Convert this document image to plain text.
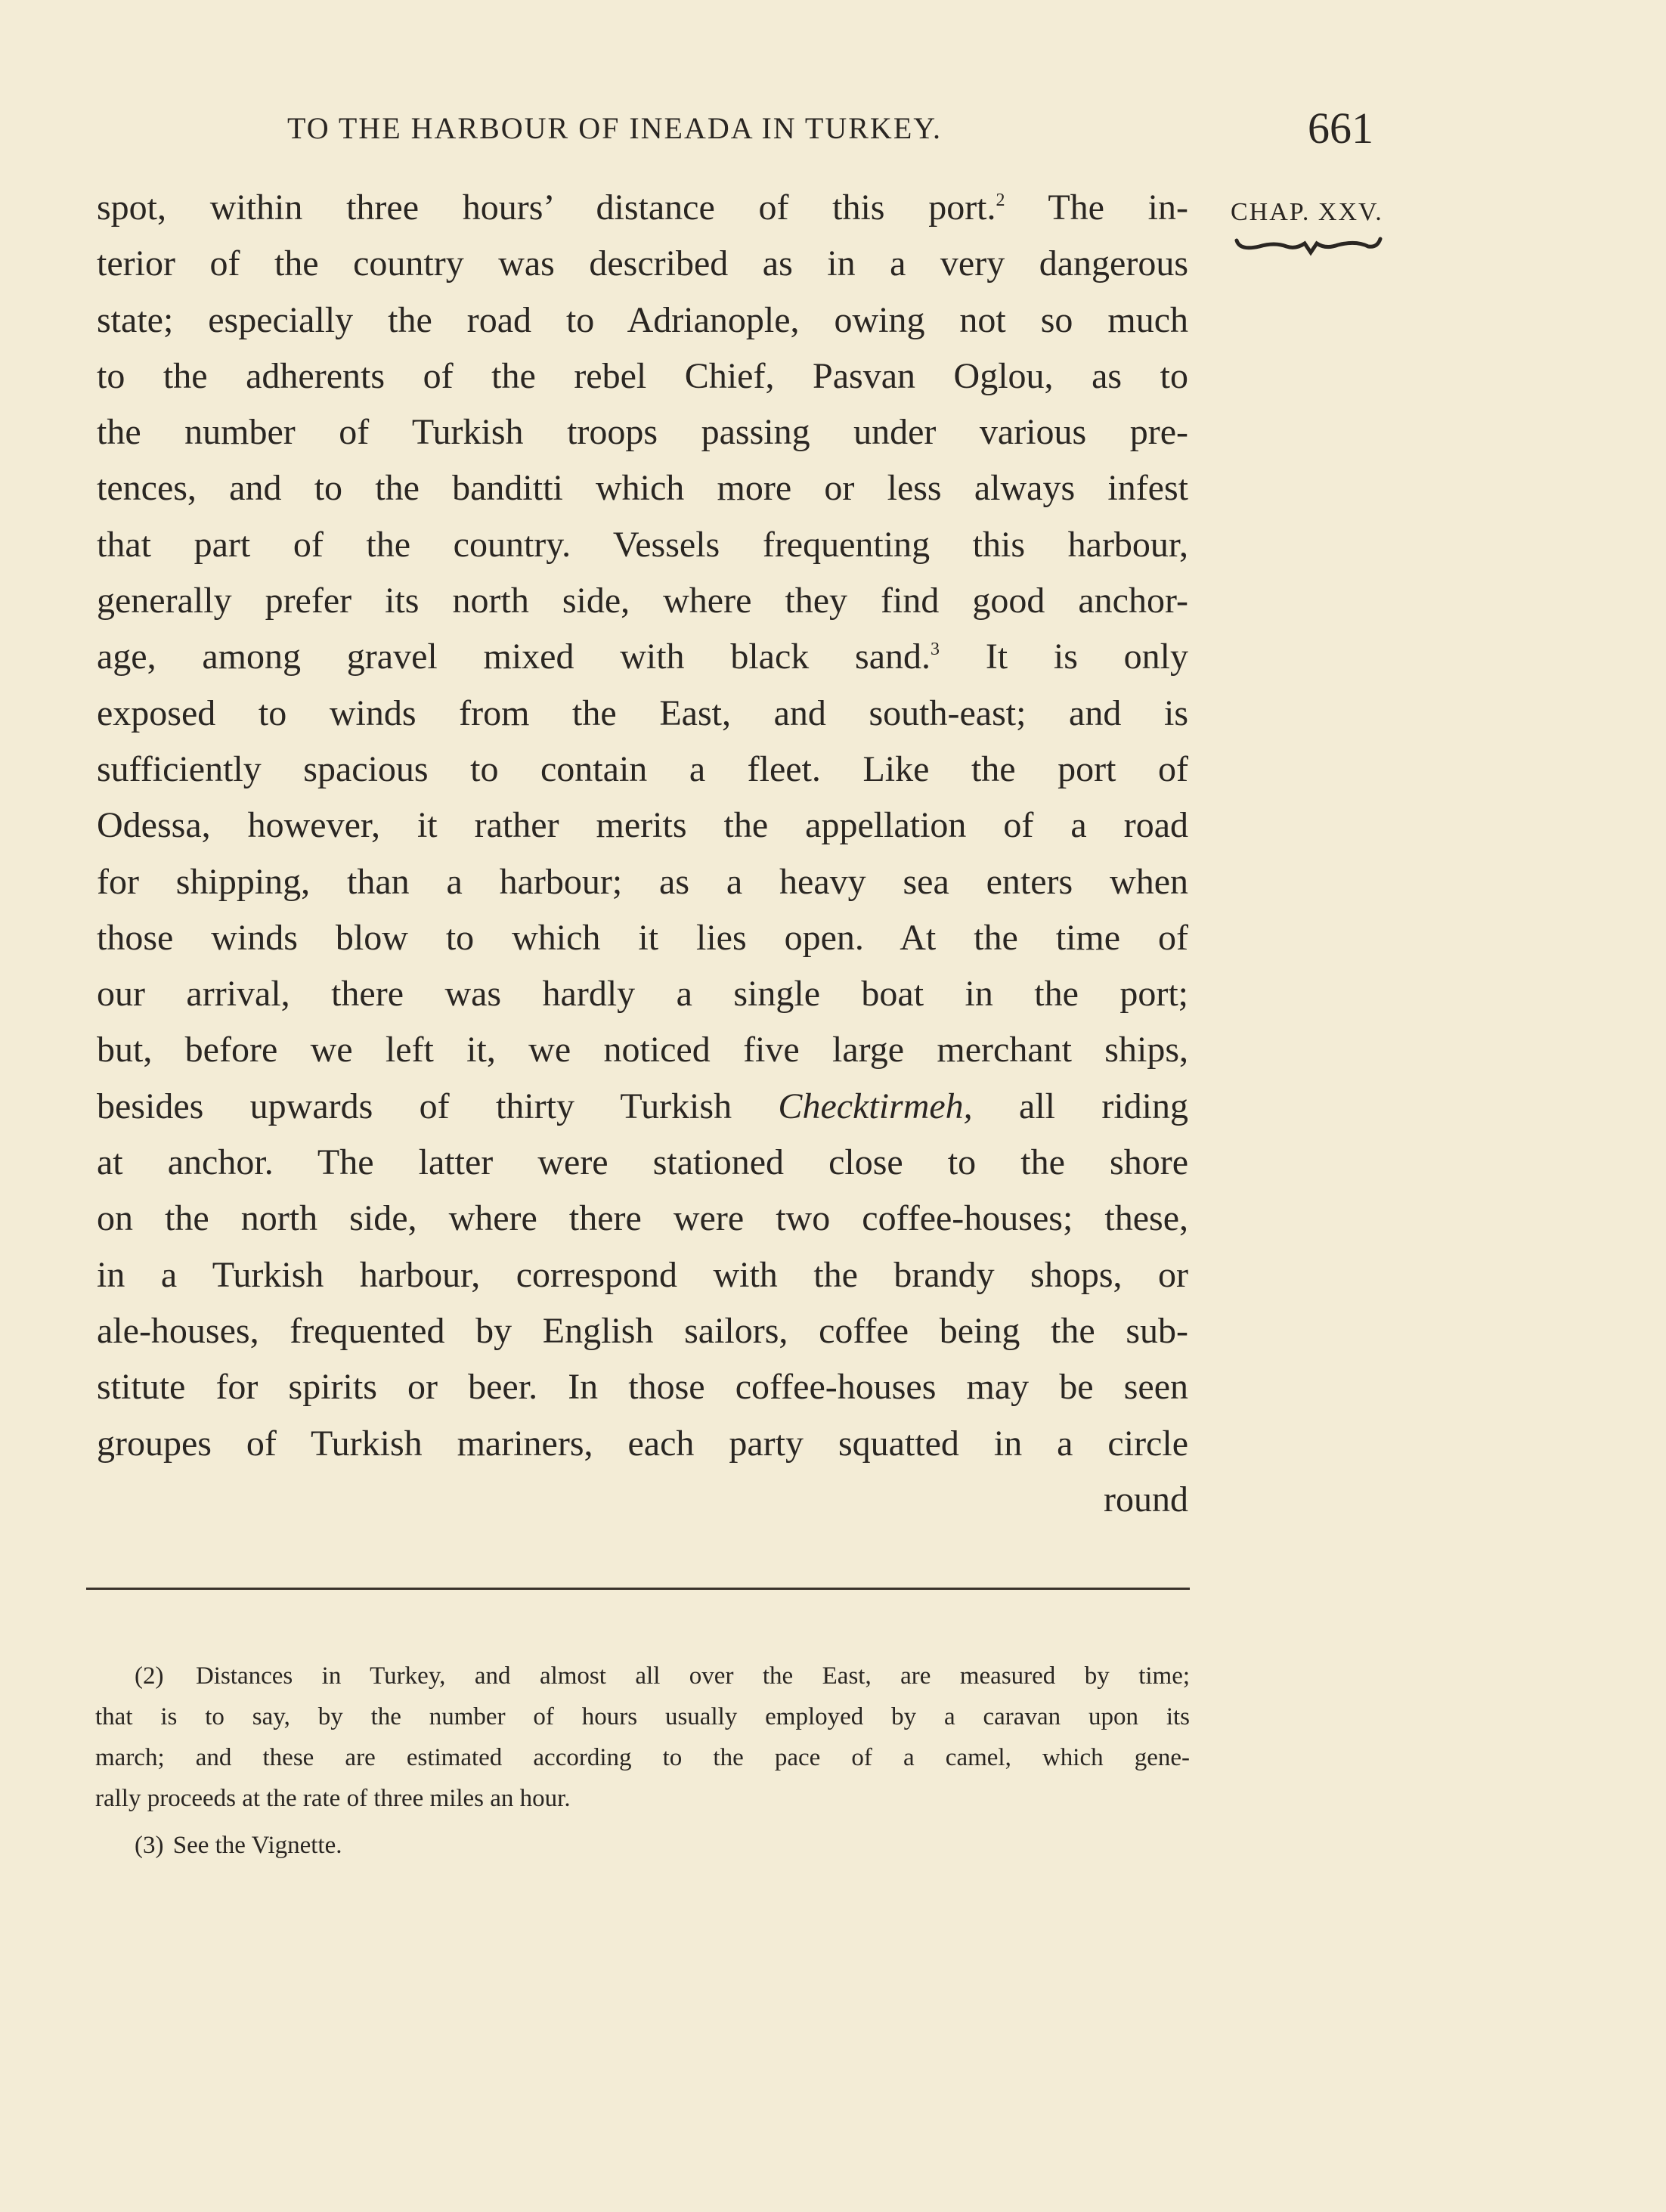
TO THE HARBOUR OF INEADA IN TURKEY.	661
CHAP. XXV.
spot, within three hours’ distance of this port.$^2$ The in-
terior of the country was described as in a very dangerous
state; especially the road to Adrianople, owing not so much
to the adherents of the rebel Chief, Pasvan Oglou, as to
the number of Turkish troops passing under various pre-
tences, and to the banditti which more or less always infest
that part of the country. Vessels frequenting this harbour,
generally prefer its north side, where they find good anchor-
age, among gravel mixed with black sand.$^3$ It is only
exposed to winds from the East, and south-east; and is
sufficiently spacious to contain a fleet. Like the port of
Odessa, however, it rather merits the appellation of a road
for shipping, than a harbour; as a heavy sea enters when
those winds blow to which it lies open. At the time of
our arrival, there was hardly a single boat in the port;
but, before we left it, we noticed five large merchant ships,
besides upwards of thirty Turkish Checktirmeh, all riding
at anchor. The latter were stationed close to the shore
on the north side, where there were two coffee-houses; these,
in a Turkish harbour, correspond with the brandy shops, or
ale-houses, frequented by English sailors, coffee being the sub-
stitute for spirits or beer. In those coffee-houses may be seen
groupes of Turkish mariners, each party squatted in a circle
round
(2) Distances in Turkey, and almost all over the East, are measured by time;
that is to say, by the number of hours usually employed by a caravan upon its
march; and these are estimated according to the pace of a camel, which gene-
rally proceeds at the rate of three miles an hour.
(3) See the Vignette.
